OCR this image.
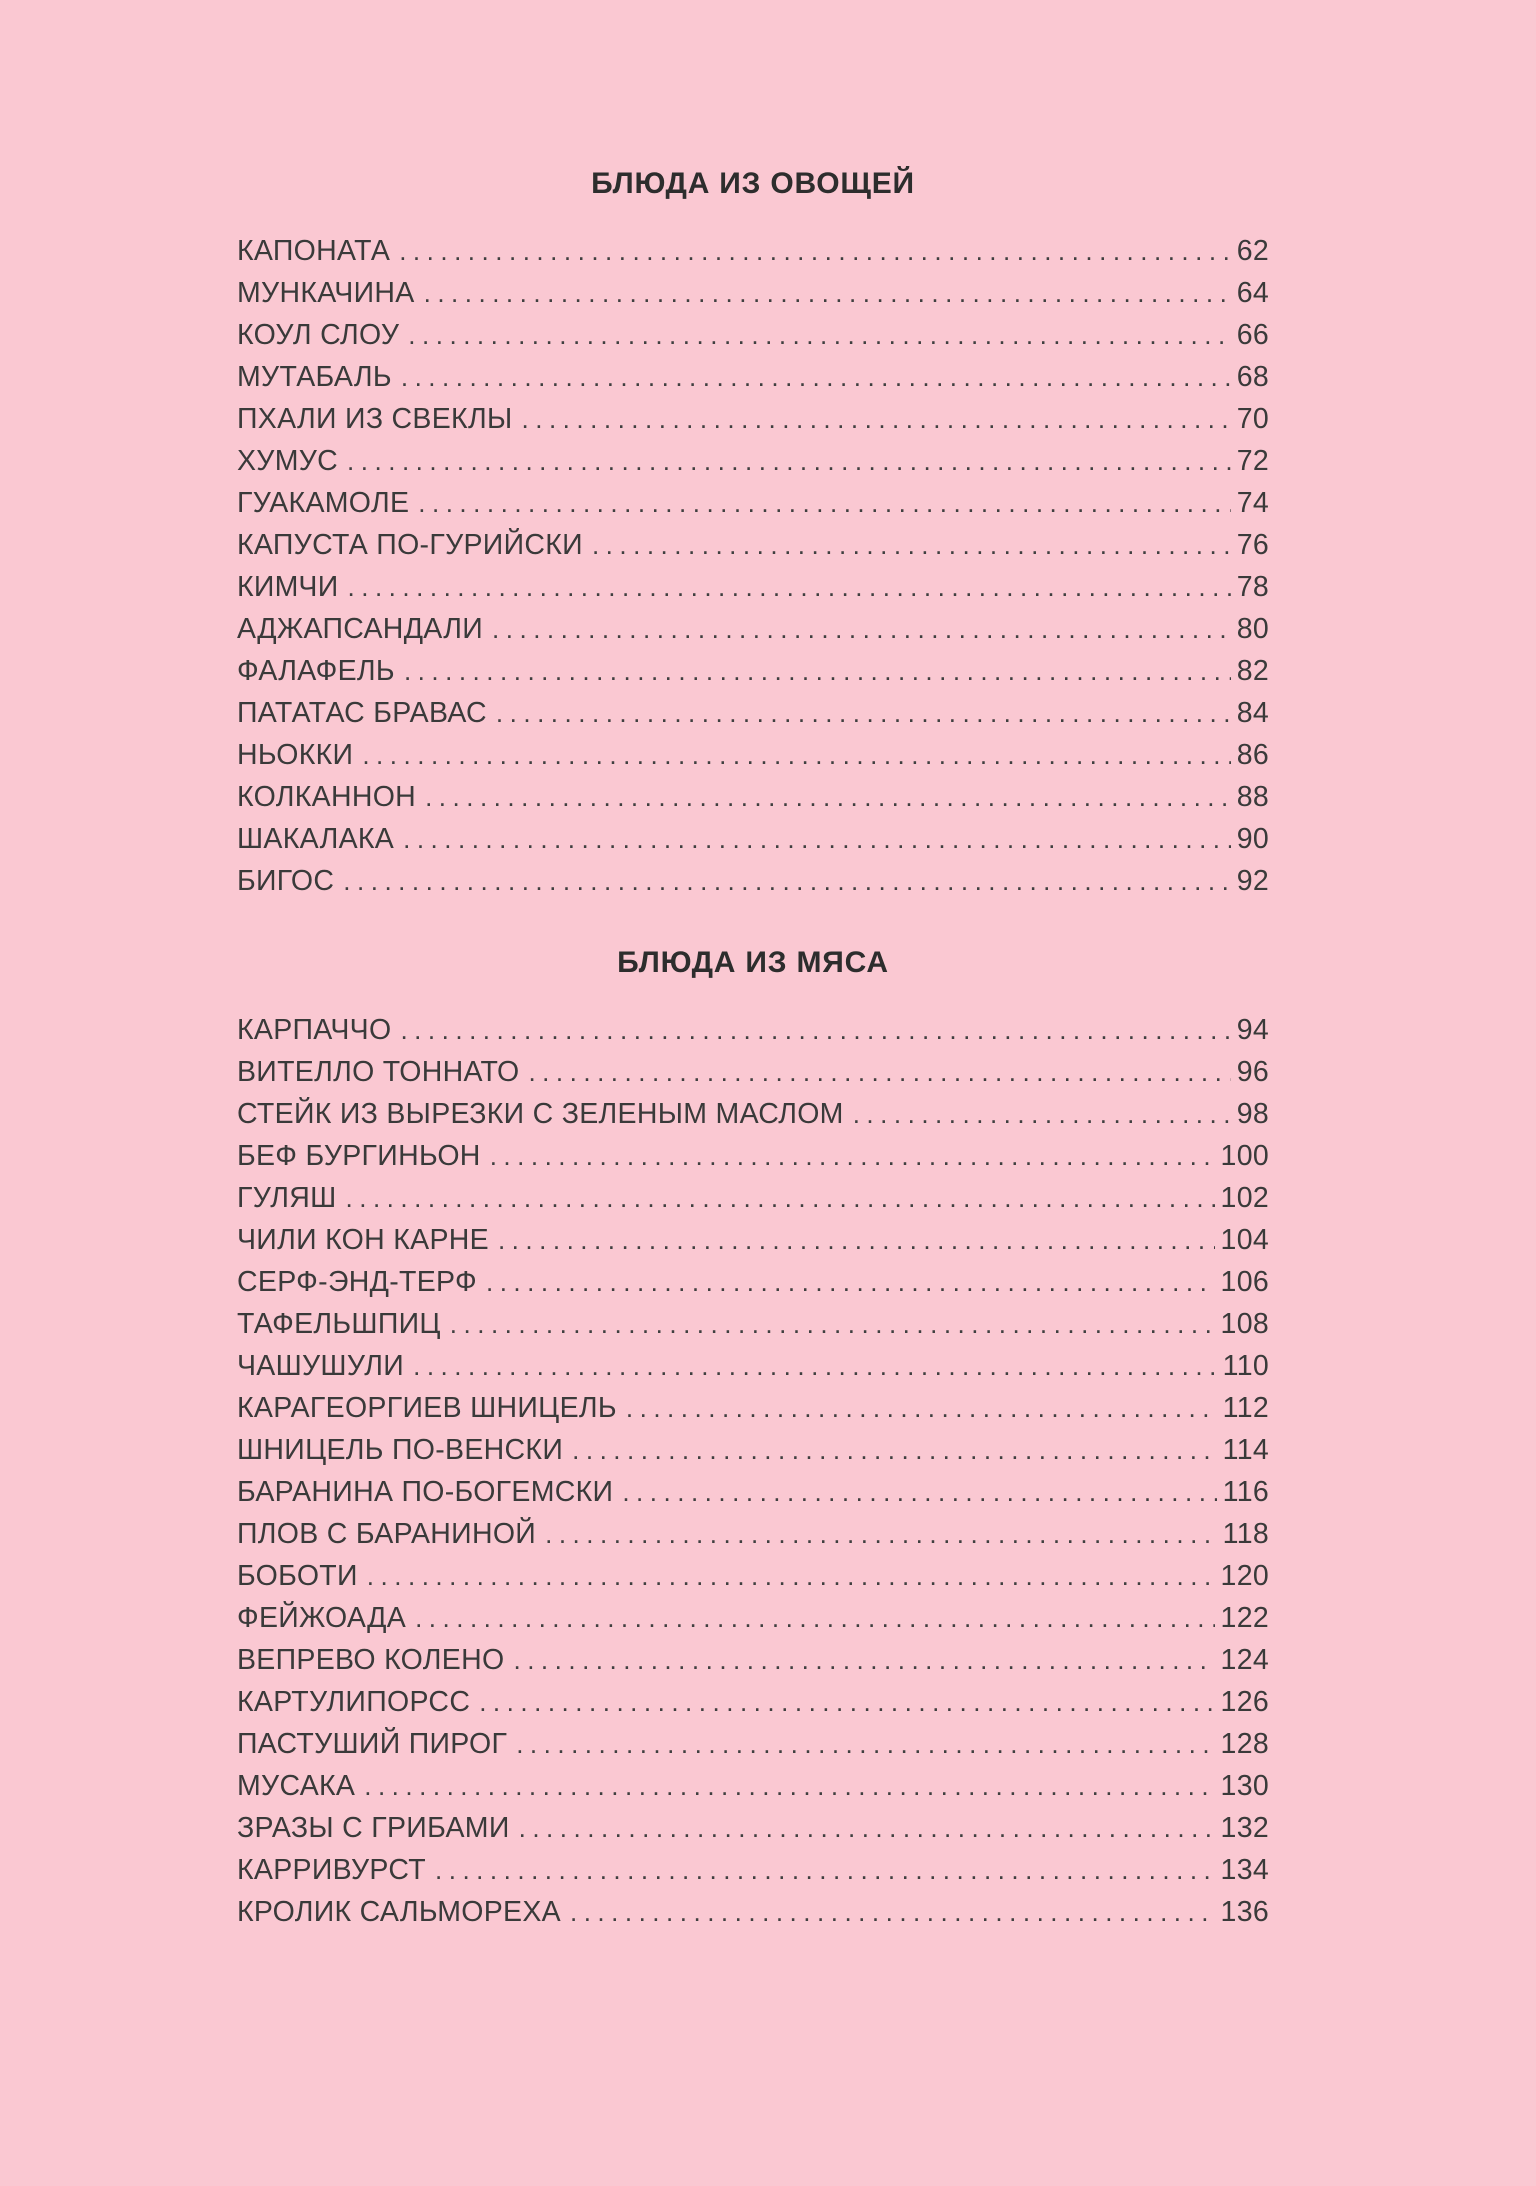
БЛЮДА ИЗ ОВОЩЕЙ
КАПОНАТА .....	62
МУНКАЧИНА .....	64
КОУЛ СЛОУ .....	66
МУТАБАЛЬ .....	68
ПХАЛИ ИЗ СВЕКЛЫ .....	70
ХУМУС .....	72
ГУАКАМОЛЕ .....	74
КАПУСТА ПО-ГУРИЙСКИ .....	76
КИМЧИ .....	78
АДЖАПСАНДАЛИ .....	80
ФАЛАФЕЛЬ .....	82
ПАТАТАС БРАВАС .....	84
НЬОККИ .....	86
КОЛКАННОН .....	88
ШАКАЛАКА .....	90
БИГОС .....	92
БЛЮДА ИЗ МЯСА
КАРПАЧЧО .....	94
ВИТЕЛЛО ТОННАТО .....	96
СТЕЙК ИЗ ВЫРЕЗКИ С ЗЕЛЕНЫМ МАСЛОМ .....	98
БЕФ БУРГИНЬОН .....	100
ГУЛЯШ .....	102
ЧИЛИ КОН КАРНЕ .....	104
СЕРФ-ЭНД-ТЕРФ .....	106
ТАФЕЛЬШПИЦ .....	108
ЧАШУШУЛИ .....	110
КАРАГЕОРГИЕВ ШНИЦЕЛЬ .....	112
ШНИЦЕЛЬ ПО-ВЕНСКИ .....	114
БАРАНИНА ПО-БОГЕМСКИ .....	116
ПЛОВ С БАРАНИНОЙ .....	118
БОБОТИ .....	120
ФЕЙЖОАДА .....	122
ВЕПРЕВО КОЛЕНО .....	124
КАРТУЛИПОРСС .....	126
ПАСТУШИЙ ПИРОГ .....	128
МУСАКА .....	130
ЗРАЗЫ С ГРИБАМИ .....	132
КАРРИВУРСТ .....	134
КРОЛИК САЛЬМОРЕХА .....	136
